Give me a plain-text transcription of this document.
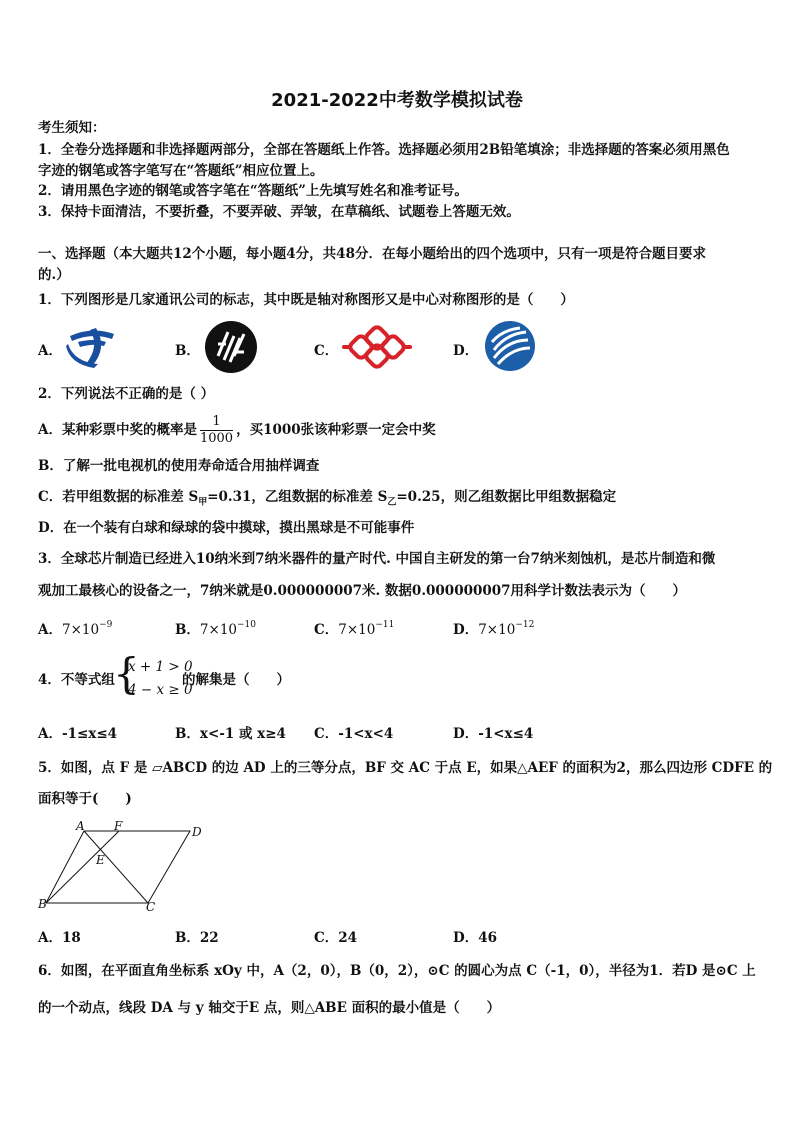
2021-2022中考数学模拟试卷
考生须知：
1．全卷分选择题和非选择题两部分，全部在答题纸上作答。选择题必须用2B铅笔填涂；非选择题的答案必须用黑色
字迹的钢笔或答字笔写在“答题纸”相应位置上。
2．请用黑色字迹的钢笔或答字笔在“答题纸”上先填写姓名和准考证号。
3．保持卡面清洁，不要折叠，不要弄破、弄皱，在草稿纸、试题卷上答题无效。
一、选择题（本大题共12个小题，每小题4分，共48分．在每小题给出的四个选项中，只有一项是符合题目要求
的.）
1．下列图形是几家通讯公司的标志，其中既是轴对称图形又是中心对称图形的是（　　）
A．	B．	C．	D．
2．下列说法不正确的是（ ）
A．某种彩票中奖的概率是 $\frac{1}{1000}$ ，买1000张该种彩票一定会中奖
B．了解一批电视机的使用寿命适合用抽样调查
C．若甲组数据的标准差 $S_甲=0.31$，乙组数据的标准差 $S_乙=0.25$，则乙组数据比甲组数据稳定
D．在一个装有白球和绿球的袋中摸球，摸出黑球是不可能事件
3．全球芯片制造已经进入10纳米到7纳米器件的量产时代. 中国自主研发的第一台7纳米刻蚀机，是芯片制造和微
观加工最核心的设备之一，7纳米就是0.000000007米. 数据0.000000007用科学计数法表示为（　　）
A．$7\times 10^{-9}$	B．$7\times 10^{-10}$	C．$7\times 10^{-11}$	D．$7\times 10^{-12}$
4．不等式组
{
x + 1 > 0
4 − x ≥ 0
的解集是（　　）
A．-1≤x≤4	B．x<-1 或 x≥4 C．-1<x<4	D．-1<x≤4
5．如图，点 F 是 ▱ABCD 的边 AD 上的三等分点，BF 交 AC 于点 E，如果△AEF 的面积为2，那么四边形 CDFE 的
面积等于(　　)
A F	D
E
B	C
A．18	B．22	C．24	D．46
6．如图，在平面直角坐标系 xOy 中，A（2，0），B（0，2），⊙C 的圆心为点 C（-1，0），半径为1．若D 是⊙C 上
的一个动点，线段 DA 与 y 轴交于E 点，则△ABE 面积的最小值是（　　）
